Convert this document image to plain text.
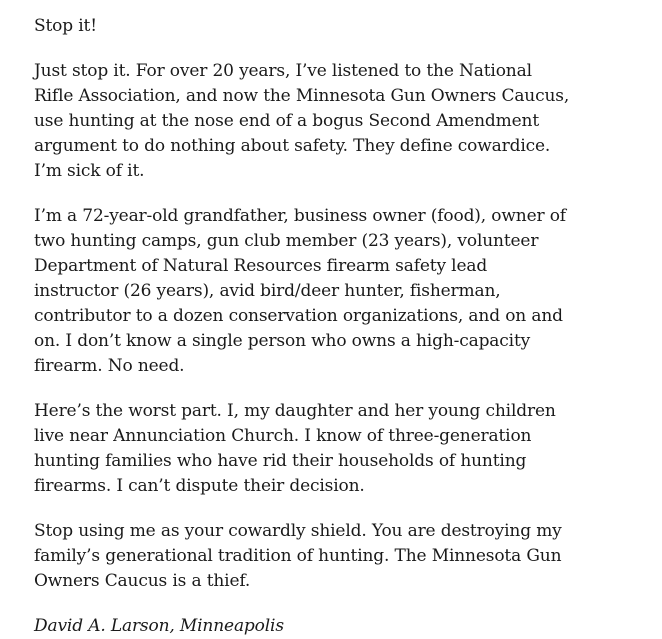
Stop it!

Just stop it. For over 20 years, I’ve listened to the National Rifle Association, and now the Minnesota Gun Owners Caucus, use hunting at the nose end of a bogus Second Amendment argument to do nothing about safety. They define cowardice. I’m sick of it.

I’m a 72-year-old grandfather, business owner (food), owner of two hunting camps, gun club member (23 years), volunteer Department of Natural Resources firearm safety lead instructor (26 years), avid bird/deer hunter, fisherman, contributor to a dozen conservation organizations, and on and on. I don’t know a single person who owns a high-capacity firearm. No need.

Here’s the worst part. I, my daughter and her young children live near Annunciation Church. I know of three-generation hunting families who have rid their households of hunting firearms. I can’t dispute their decision.

Stop using me as your cowardly shield. You are destroying my family’s generational tradition of hunting. The Minnesota Gun Owners Caucus is a thief.

David A. Larson, Minneapolis
